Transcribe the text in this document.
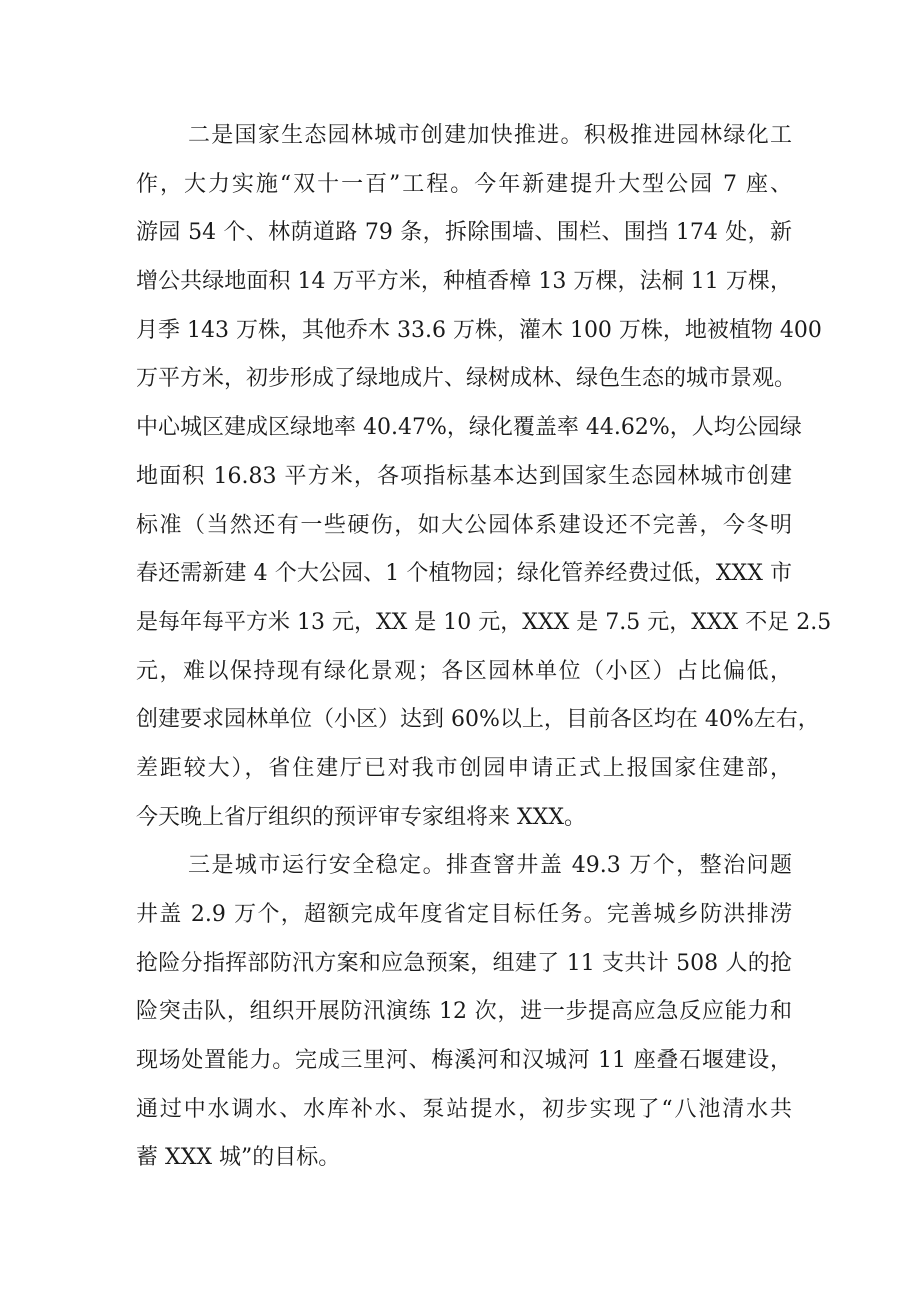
二是国家生态园林城市创建加快推进。积极推进园林绿化工
作，大力实施“双十一百”工程。今年新建提升大型公园 7 座、
游园 54 个、林荫道路 79 条，拆除围墙、围栏、围挡 174 处，新
增公共绿地面积 14 万平方米，种植香樟 13 万棵，法桐 11 万棵，
月季 143 万株，其他乔木 33.6 万株，灌木 100 万株，地被植物 400
万平方米，初步形成了绿地成片、绿树成林、绿色生态的城市景观。
中心城区建成区绿地率 40.47%，绿化覆盖率 44.62%，人均公园绿
地面积 16.83 平方米，各项指标基本达到国家生态园林城市创建
标准（当然还有一些硬伤，如大公园体系建设还不完善，今冬明
春还需新建 4 个大公园、1 个植物园；绿化管养经费过低，XXX 市
是每年每平方米 13 元，XX 是 10 元，XXX 是 7.5 元，XXX 不足 2.5
元，难以保持现有绿化景观；各区园林单位（小区）占比偏低，
创建要求园林单位（小区）达到 60%以上，目前各区均在 40%左右，
差距较大），省住建厅已对我市创园申请正式上报国家住建部，
今天晚上省厅组织的预评审专家组将来 XXX。
三是城市运行安全稳定。排查窨井盖 49.3 万个，整治问题
井盖 2.9 万个，超额完成年度省定目标任务。完善城乡防洪排涝
抢险分指挥部防汛方案和应急预案，组建了 11 支共计 508 人的抢
险突击队，组织开展防汛演练 12 次，进一步提高应急反应能力和
现场处置能力。完成三里河、梅溪河和汉城河 11 座叠石堰建设，
通过中水调水、水库补水、泵站提水，初步实现了“八池清水共
蓄 XXX 城”的目标。
